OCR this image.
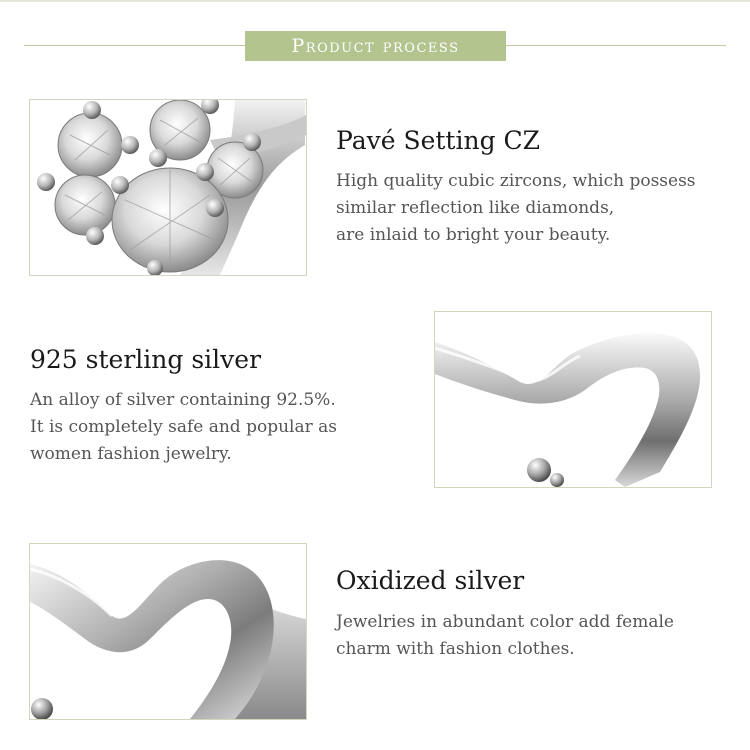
Product process
Pavé Setting CZ
High quality cubic zircons, which possess
similar reflection like diamonds,
are inlaid to bright your beauty.
925 sterling silver
An alloy of silver containing 92.5%.
It is completely safe and popular as
women fashion jewelry.
Oxidized silver
Jewelries in abundant color add female
charm with fashion clothes.
